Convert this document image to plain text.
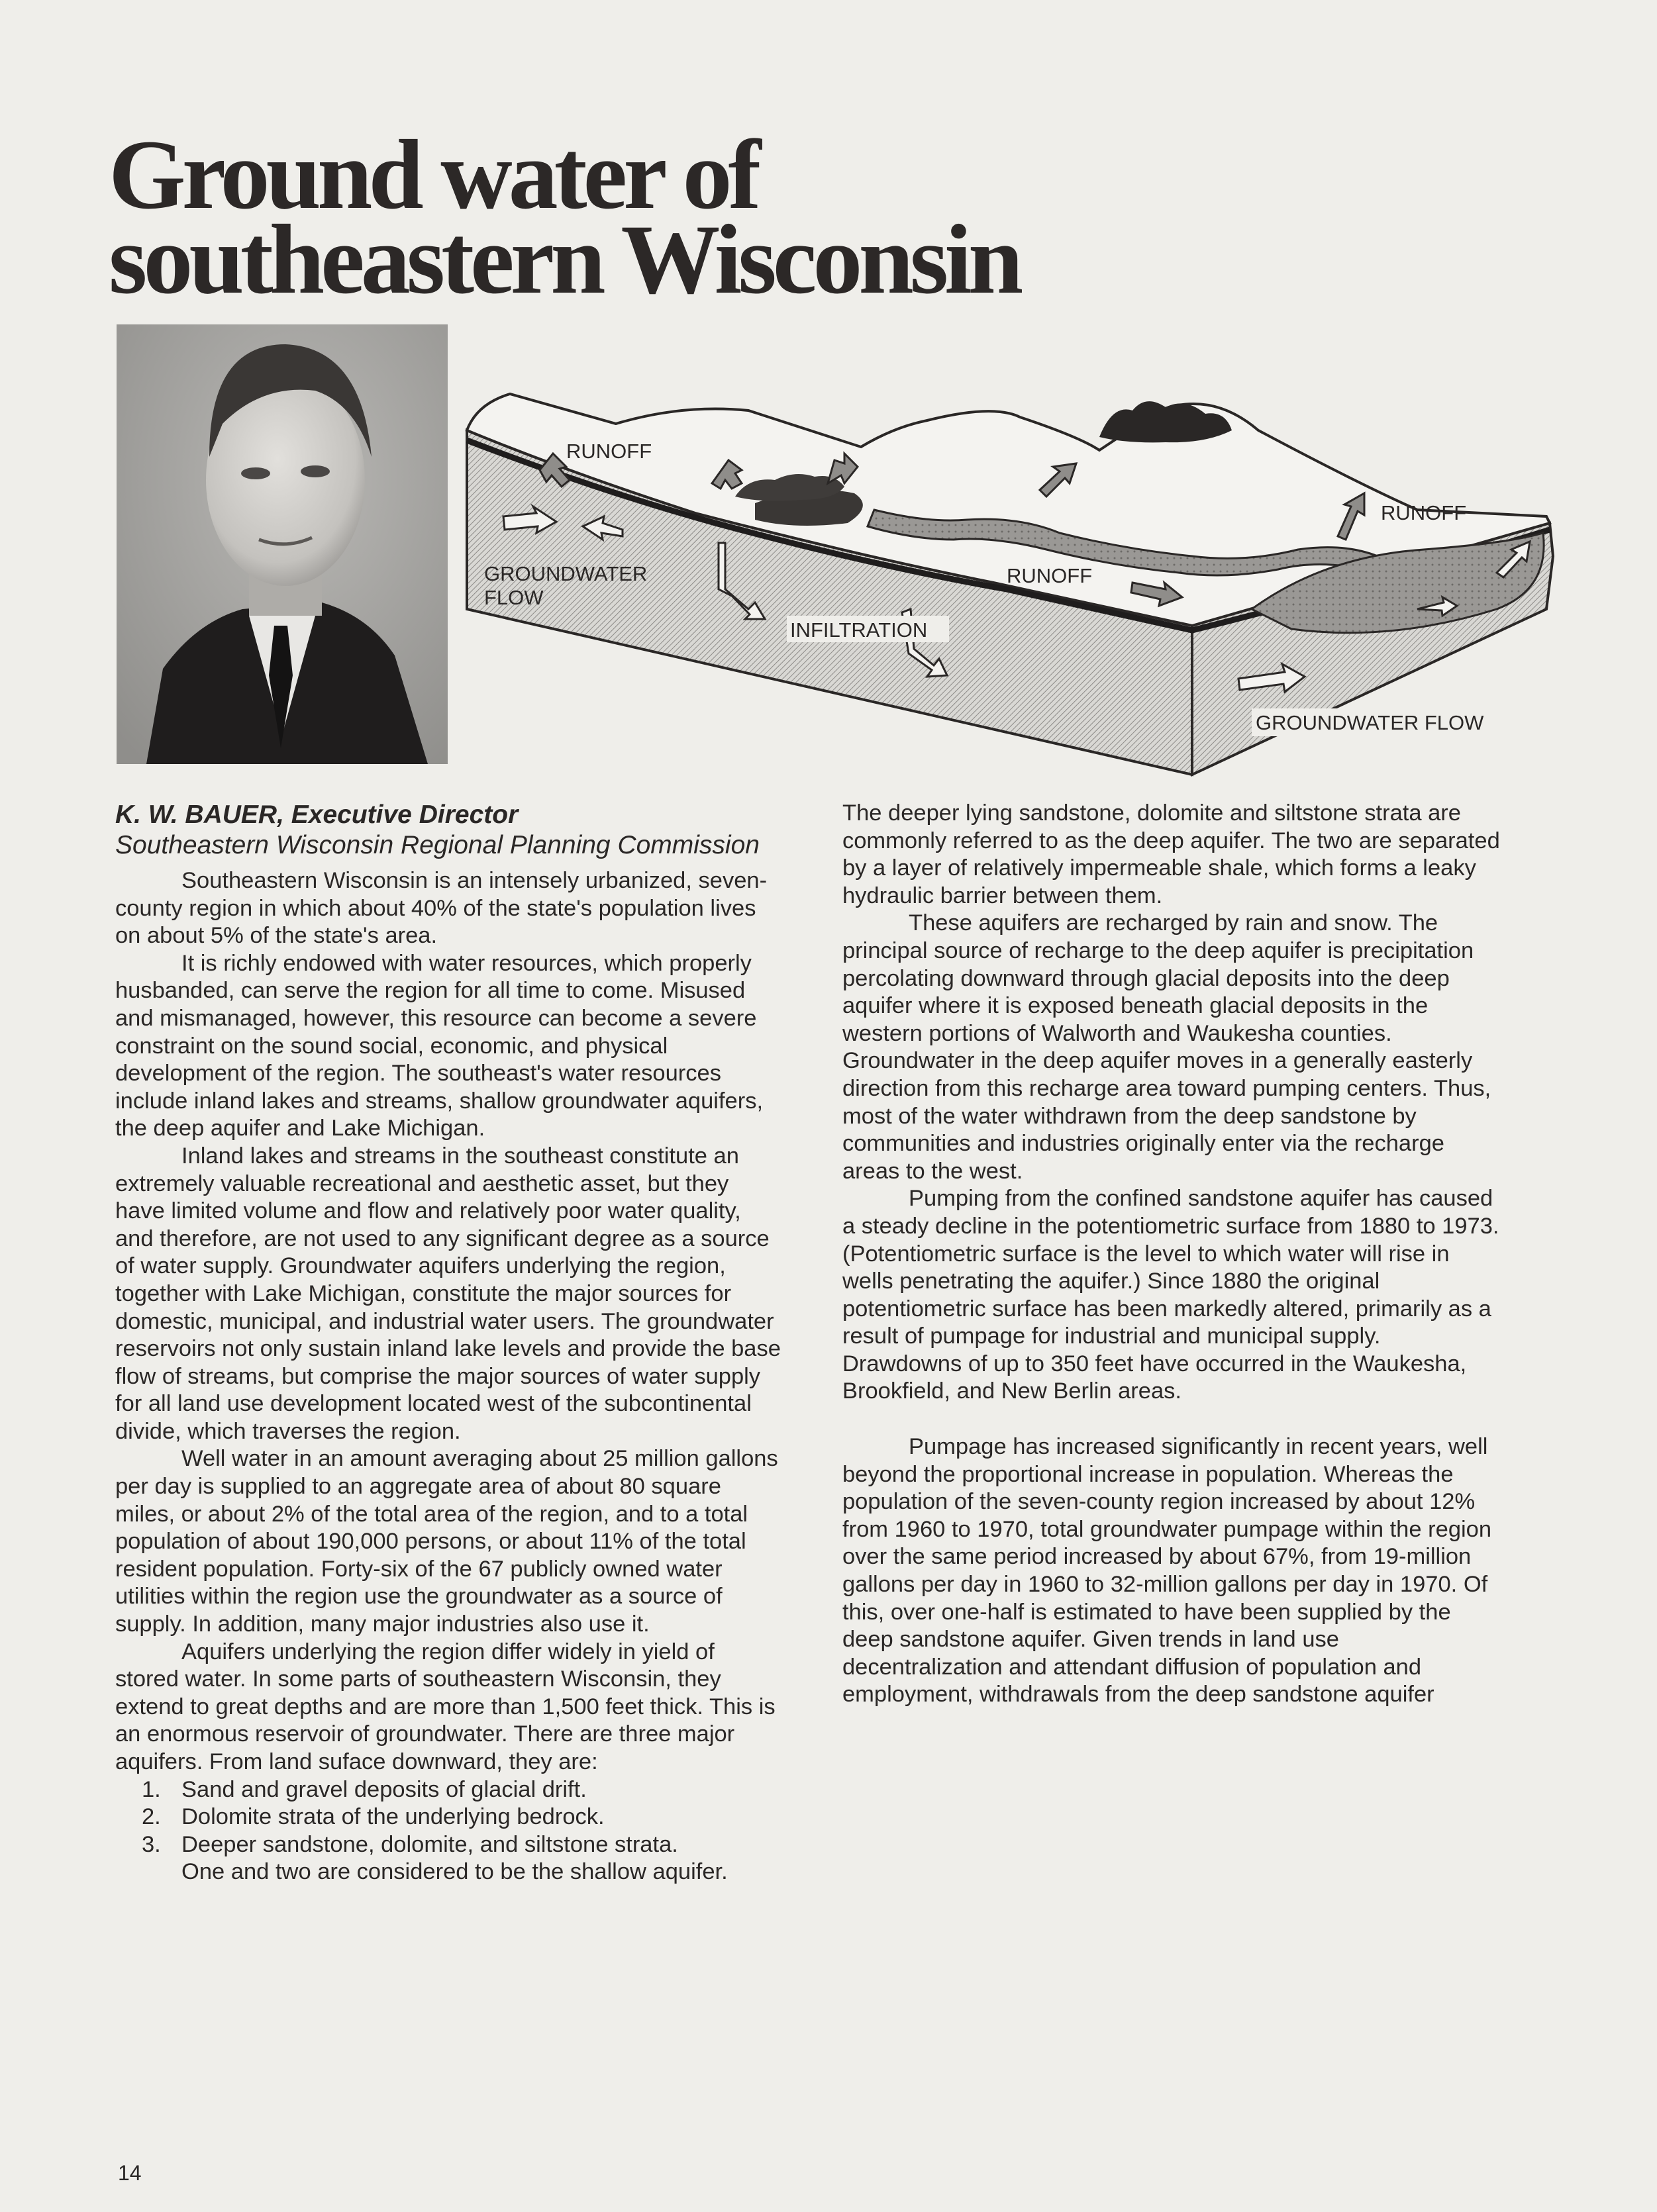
Ground water of
southeastern Wisconsin
RUNOFF
RUNOFF
RUNOFF
GROUNDWATER
FLOW
INFILTRATION
GROUNDWATER FLOW
K. W. BAUER, Executive Director
Southeastern Wisconsin Regional Planning Commission

Southeastern Wisconsin is an intensely urbanized, seven-county region in which about 40% of the state's population lives on about 5% of the state's area.

It is richly endowed with water resources, which properly husbanded, can serve the region for all time to come. Misused and mismanaged, however, this resource can become a severe constraint on the sound social, economic, and physical development of the region. The southeast's water resources include inland lakes and streams, shallow groundwater aquifers, the deep aquifer and Lake Michigan.

Inland lakes and streams in the southeast constitute an extremely valuable recreational and aesthetic asset, but they have limited volume and flow and relatively poor water quality, and therefore, are not used to any significant degree as a source of water supply. Groundwater aquifers underlying the region, together with Lake Michigan, constitute the major sources for domestic, municipal, and industrial water users. The groundwater reservoirs not only sustain inland lake levels and provide the base flow of streams, but comprise the major sources of water supply for all land use development located west of the subcontinental divide, which traverses the region.

Well water in an amount averaging about 25 million gallons per day is supplied to an aggregate area of about 80 square miles, or about 2% of the total area of the region, and to a total population of about 190,000 persons, or about 11% of the total resident population. Forty-six of the 67 publicly owned water utilities within the region use the groundwater as a source of supply. In addition, many major industries also use it.

Aquifers underlying the region differ widely in yield of stored water. In some parts of southeastern Wisconsin, they extend to great depths and are more than 1,500 feet thick. This is an enormous reservoir of groundwater. There are three major aquifers. From land suface downward, they are:

1. Sand and gravel deposits of glacial drift.
2. Dolomite strata of the underlying bedrock.
3. Deeper sandstone, dolomite, and siltstone strata.

One and two are considered to be the shallow aquifer.

The deeper lying sandstone, dolomite and siltstone strata are commonly referred to as the deep aquifer. The two are separated by a layer of relatively impermeable shale, which forms a leaky hydraulic barrier between them.

These aquifers are recharged by rain and snow. The principal source of recharge to the deep aquifer is precipitation percolating downward through glacial deposits into the deep aquifer where it is exposed beneath glacial deposits in the western portions of Walworth and Waukesha counties. Groundwater in the deep aquifer moves in a generally easterly direction from this recharge area toward pumping centers. Thus, most of the water withdrawn from the deep sandstone by communities and industries originally enter via the recharge areas to the west.

Pumping from the confined sandstone aquifer has caused a steady decline in the potentiometric surface from 1880 to 1973. (Potentiometric surface is the level to which water will rise in wells penetrating the aquifer.) Since 1880 the original potentiometric surface has been markedly altered, primarily as a result of pumpage for industrial and municipal supply. Drawdowns of up to 350 feet have occurred in the Waukesha, Brookfield, and New Berlin areas.

Pumpage has increased significantly in recent years, well beyond the proportional increase in population. Whereas the population of the seven-county region increased by about 12% from 1960 to 1970, total groundwater pumpage within the region over the same period increased by about 67%, from 19-million gallons per day in 1960 to 32-million gallons per day in 1970. Of this, over one-half is estimated to have been supplied by the deep sandstone aquifer. Given trends in land use decentralization and attendant diffusion of population and employment, withdrawals from the deep sandstone aquifer

14
